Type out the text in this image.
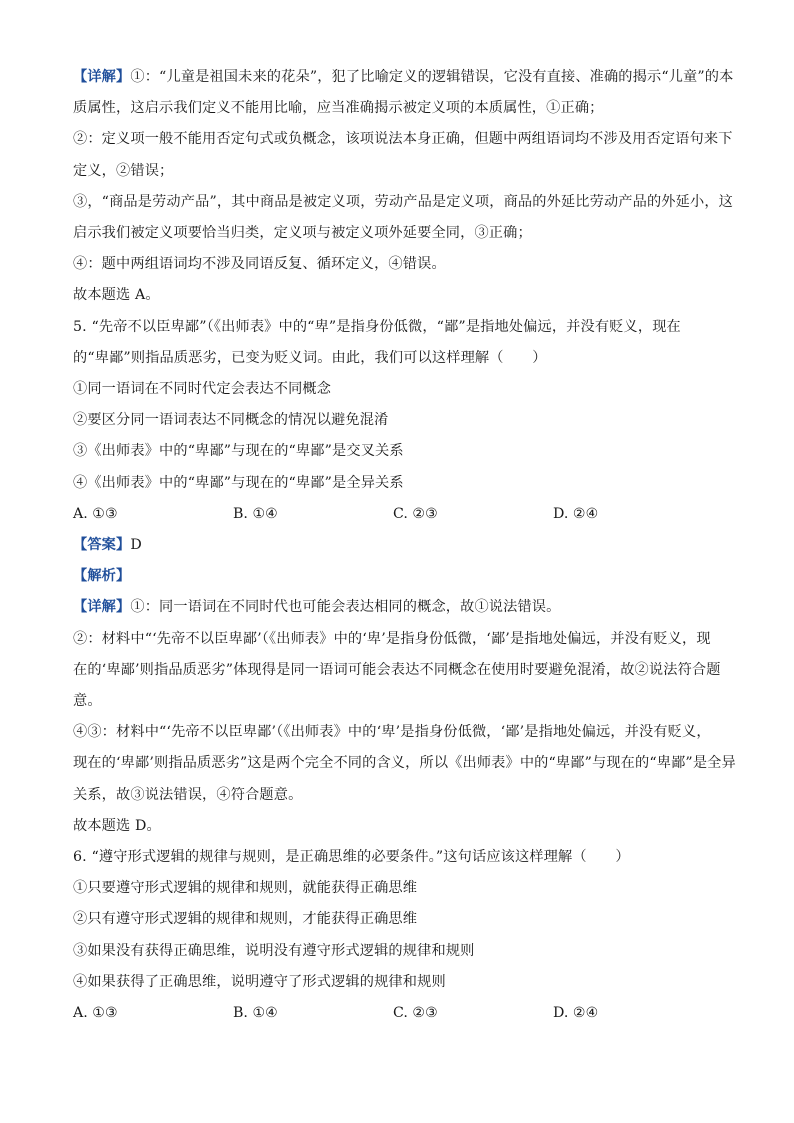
【详解】①：“儿童是祖国未来的花朵”，犯了比喻定义的逻辑错误，它没有直接、准确的揭示“儿童”的本
质属性，这启示我们定义不能用比喻，应当准确揭示被定义项的本质属性，①正确；
②：定义项一般不能用否定句式或负概念，该项说法本身正确，但题中两组语词均不涉及用否定语句来下
定义，②错误；
③，“商品是劳动产品”，其中商品是被定义项，劳动产品是定义项，商品的外延比劳动产品的外延小，这
启示我们被定义项要恰当归类，定义项与被定义项外延要全同，③正确；
④：题中两组语词均不涉及同语反复、循环定义，④错误。
故本题选 A。
5. “先帝不以臣卑鄙”（《出师表》中的“卑”是指身份低微，“鄙”是指地处偏远，并没有贬义，现在
的“卑鄙”则指品质恶劣，已变为贬义词。由此，我们可以这样理解（　　）
①同一语词在不同时代定会表达不同概念
②要区分同一语词表达不同概念的情况以避免混淆
③《出师表》中的“卑鄙”与现在的“卑鄙”是交叉关系
④《出师表》中的“卑鄙”与现在的“卑鄙”是全异关系
A. ①③	B. ①④	C. ②③	D. ②④
【答案】D
【解析】
【详解】①：同一语词在不同时代也可能会表达相同的概念，故①说法错误。
②：材料中“‘先帝不以臣卑鄙’（《出师表》中的‘卑’是指身份低微，‘鄙’是指地处偏远，并没有贬义，现
在的‘卑鄙’则指品质恶劣”体现得是同一语词可能会表达不同概念在使用时要避免混淆，故②说法符合题
意。
④③：材料中“‘先帝不以臣卑鄙’（《出师表》中的‘卑’是指身份低微，‘鄙’是指地处偏远，并没有贬义，
现在的‘卑鄙’则指品质恶劣”这是两个完全不同的含义，所以《出师表》中的“卑鄙”与现在的“卑鄙”是全异
关系，故③说法错误，④符合题意。
故本题选 D。
6. “遵守形式逻辑的规律与规则，是正确思维的必要条件。”这句话应该这样理解（　　）
①只要遵守形式逻辑的规律和规则，就能获得正确思维
②只有遵守形式逻辑的规律和规则，才能获得正确思维
③如果没有获得正确思维，说明没有遵守形式逻辑的规律和规则
④如果获得了正确思维，说明遵守了形式逻辑的规律和规则
A. ①③	B. ①④	C. ②③	D. ②④
